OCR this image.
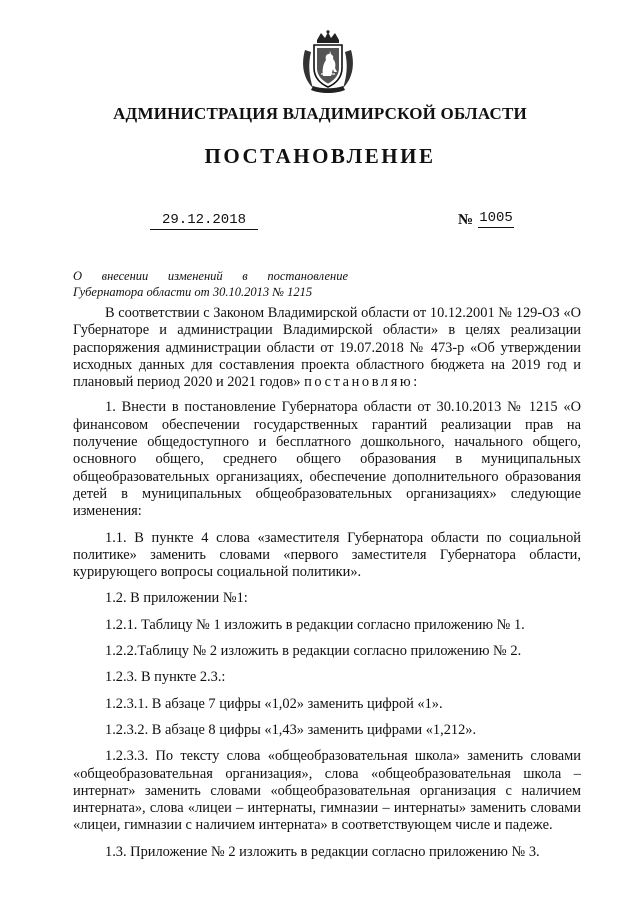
АДМИНИСТРАЦИЯ ВЛАДИМИРСКОЙ ОБЛАСТИ
ПОСТАНОВЛЕНИЕ
29.12.2018	№ 1005
О внесении изменений в постановление
Губернатора области от 30.10.2013 № 1215

В соответствии с Законом Владимирской области от 10.12.2001 № 129-ОЗ «О Губернаторе и администрации Владимирской области» в целях реализации распоряжения администрации области от 19.07.2018 № 473-р «Об утверждении исходных данных для составления проекта областного бюджета на 2019 год и плановый период 2020 и 2021 годов» постановляю:

1. Внести в постановление Губернатора области от 30.10.2013 № 1215 «О финансовом обеспечении государственных гарантий реализации прав на получение общедоступного и бесплатного дошкольного, начального общего, основного общего, среднего общего образования в муниципальных общеобразовательных организациях, обеспечение дополнительного образования детей в муниципальных общеобразовательных организациях» следующие изменения:

1.1. В пункте 4 слова «заместителя Губернатора области по социальной политике» заменить словами «первого заместителя Губернатора области, курирующего вопросы социальной политики».

1.2. В приложении №1:

1.2.1. Таблицу № 1 изложить в редакции согласно приложению № 1.

1.2.2.Таблицу № 2 изложить в редакции согласно приложению № 2.

1.2.3. В пункте 2.3.:

1.2.3.1. В абзаце 7 цифры «1,02» заменить цифрой «1».

1.2.3.2. В абзаце 8 цифры «1,43» заменить цифрами «1,212».

1.2.3.3. По тексту слова «общеобразовательная школа» заменить словами «общеобразовательная организация», слова «общеобразовательная школа – интернат» заменить словами «общеобразовательная организация с наличием интерната», слова «лицеи – интернаты, гимназии – интернаты» заменить словами «лицеи, гимназии с наличием интерната» в соответствующем числе и падеже.

1.3. Приложение № 2 изложить в редакции согласно приложению № 3.
